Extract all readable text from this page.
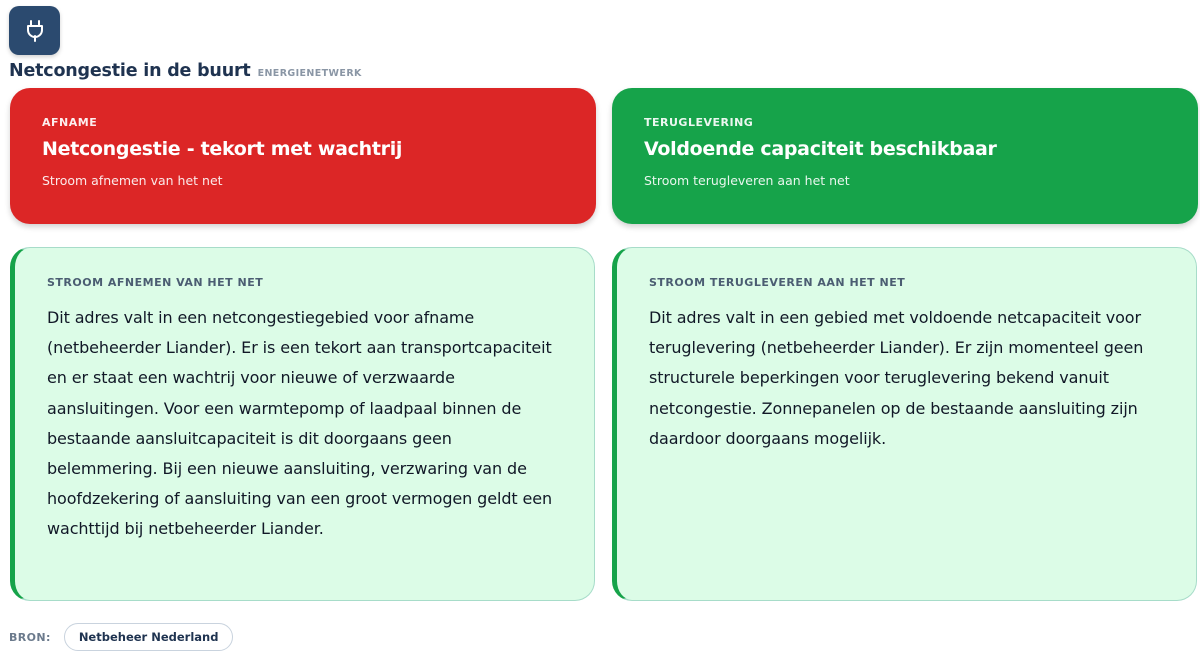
Netcongestie in de buurt ENERGIENETWERK
AFNAME
Netcongestie - tekort met wachtrij
Stroom afnemen van het net
TERUGLEVERING
Voldoende capaciteit beschikbaar
Stroom terugleveren aan het net
STROOM AFNEMEN VAN HET NET
Dit adres valt in een netcongestiegebied voor afname (netbeheerder Liander). Er is een tekort aan transportcapaciteit en er staat een wachtrij voor nieuwe of verzwaarde aansluitingen. Voor een warmtepomp of laadpaal binnen de bestaande aansluitcapaciteit is dit doorgaans geen belemmering. Bij een nieuwe aansluiting, verzwaring van de hoofdzekering of aansluiting van een groot vermogen geldt een wachttijd bij netbeheerder Liander.
STROOM TERUGLEVEREN AAN HET NET
Dit adres valt in een gebied met voldoende netcapaciteit voor teruglevering (netbeheerder Liander). Er zijn momenteel geen structurele beperkingen voor teruglevering bekend vanuit netcongestie. Zonnepanelen op de bestaande aansluiting zijn daardoor doorgaans mogelijk.
BRON:	Netbeheer Nederland
